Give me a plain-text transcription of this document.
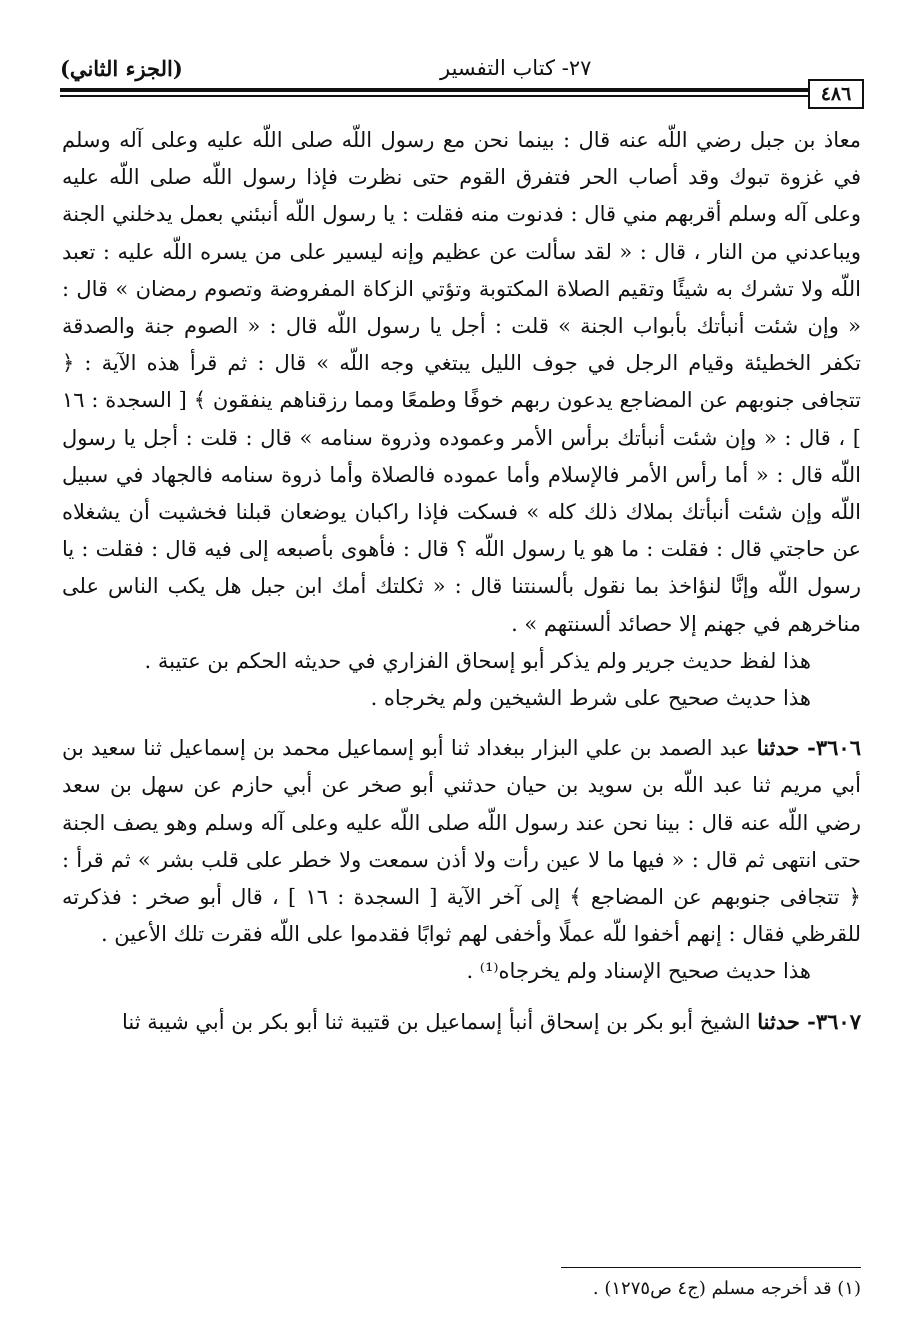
(الجزء الثاني)	٢٧- كتاب التفسير
٤٨٦

معاذ بن جبل رضي اللّه عنه قال : بينما نحن مع رسول اللّه صلى اللّه عليه وعلى آله وسلم في غزوة تبوك وقد أصاب الحر فتفرق القوم حتى نظرت فإذا رسول اللّه صلى اللّه عليه وعلى آله وسلم أقربهم مني قال : فدنوت منه فقلت : يا رسول اللّه أنبئني بعمل يدخلني الجنة ويباعدني من النار ، قال : « لقد سألت عن عظيم وإنه ليسير على من يسره اللّه عليه : تعبد اللّه ولا تشرك به شيئًا وتقيم الصلاة المكتوبة وتؤتي الزكاة المفروضة وتصوم رمضان » قال : « وإن شئت أنبأتك بأبواب الجنة » قلت : أجل يا رسول اللّه قال : « الصوم جنة والصدقة تكفر الخطيئة وقيام الرجل في جوف الليل يبتغي وجه اللّه » قال : ثم قرأ هذه الآية : ﴿ تتجافى جنوبهم عن المضاجع يدعون ربهم خوفًا وطمعًا ومما رزقناهم ينفقون ﴾ [ السجدة : ١٦ ] ، قال : « وإن شئت أنبأتك برأس الأمر وعموده وذروة سنامه » قال : قلت : أجل يا رسول اللّه قال : « أما رأس الأمر فالإسلام وأما عموده فالصلاة وأما ذروة سنامه فالجهاد في سبيل اللّه وإن شئت أنبأتك بملاك ذلك كله » فسكت فإذا راكبان يوضعان قبلنا فخشيت أن يشغلاه عن حاجتي قال : فقلت : ما هو يا رسول اللّه ؟ قال : فأهوى بأصبعه إلى فيه قال : فقلت : يا رسول اللّه وإنَّا لنؤاخذ بما نقول بألسنتنا قال : « ثكلتك أمك ابن جبل هل يكب الناس على مناخرهم في جهنم إلا حصائد ألسنتهم » .

هذا لفظ حديث جرير ولم يذكر أبو إسحاق الفزاري في حديثه الحكم بن عتيبة .

هذا حديث صحيح على شرط الشيخين ولم يخرجاه .

٣٦٠٦- حدثنا عبد الصمد بن علي البزار ببغداد ثنا أبو إسماعيل محمد بن إسماعيل ثنا سعيد بن أبي مريم ثنا عبد اللّه بن سويد بن حيان حدثني أبو صخر عن أبي حازم عن سهل بن سعد رضي اللّه عنه قال : بينا نحن عند رسول اللّه صلى اللّه عليه وعلى آله وسلم وهو يصف الجنة حتى انتهى ثم قال : « فيها ما لا عين رأت ولا أذن سمعت ولا خطر على قلب بشر » ثم قرأ : ﴿ تتجافى جنوبهم عن المضاجع ﴾ إلى آخر الآية [ السجدة : ١٦ ] ، قال أبو صخر : فذكرته للقرظي فقال : إنهم أخفوا للّه عملًا وأخفى لهم ثوابًا فقدموا على اللّه فقرت تلك الأعين .

هذا حديث صحيح الإسناد ولم يخرجاه⁽¹⁾ .

٣٦٠٧- حدثنا الشيخ أبو بكر بن إسحاق أنبأ إسماعيل بن قتيبة ثنا أبو بكر بن أبي شيبة ثنا

(١) قد أخرجه مسلم (ج٤ ص١٢٧٥) .
